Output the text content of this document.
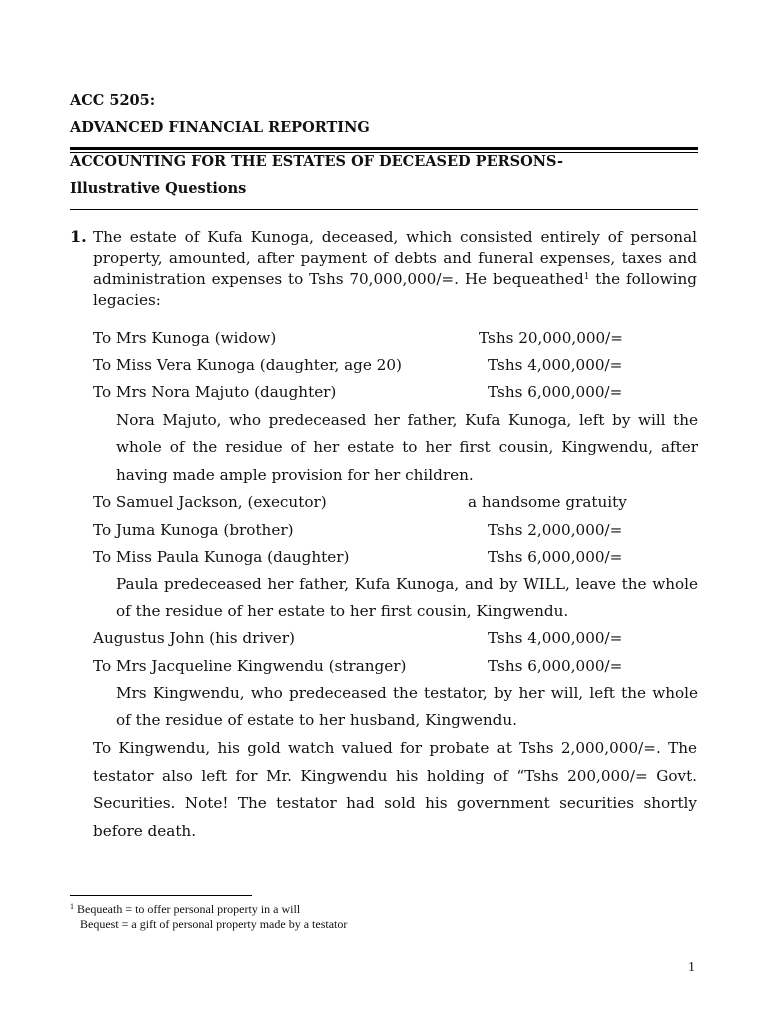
ACC 5205:
ADVANCED FINANCIAL REPORTING
ACCOUNTING FOR THE ESTATES OF DECEASED PERSONS-
Illustrative Questions
1. The estate of Kufa Kunoga, deceased, which consisted entirely of personal property, amounted, after payment of debts and funeral expenses, taxes and administration expenses to Tshs 70,000,000/=. He bequeathed$^1$ the following legacies:
To Mrs Kunoga (widow)	Tshs 20,000,000/=
To Miss Vera Kunoga (daughter, age 20)	Tshs 4,000,000/=
To Mrs Nora Majuto (daughter)	Tshs 6,000,000/=
Nora Majuto, who predeceased her father, Kufa Kunoga, left by will the whole of the residue of her estate to her first cousin, Kingwendu, after having made ample provision for her children.
To Samuel Jackson, (executor)	a handsome gratuity
To Juma Kunoga (brother)	Tshs 2,000,000/=
To Miss Paula Kunoga (daughter)	Tshs 6,000,000/=
Paula predeceased her father, Kufa Kunoga, and by WILL, leave the whole of the residue of her estate to her first cousin, Kingwendu.
Augustus John (his driver)	Tshs 4,000,000/=
To Mrs Jacqueline Kingwendu (stranger)	Tshs 6,000,000/=
Mrs Kingwendu, who predeceased the testator, by her will, left the whole of the residue of estate to her husband, Kingwendu.
To Kingwendu, his gold watch valued for probate at Tshs 2,000,000/=. The testator also left for Mr. Kingwendu his holding of “Tshs 200,000/= Govt. Securities. Note! The testator had sold his government securities shortly before death.
$^1$ Bequeath = to offer personal property in a will
Bequest = a gift of personal property made by a testator
1
